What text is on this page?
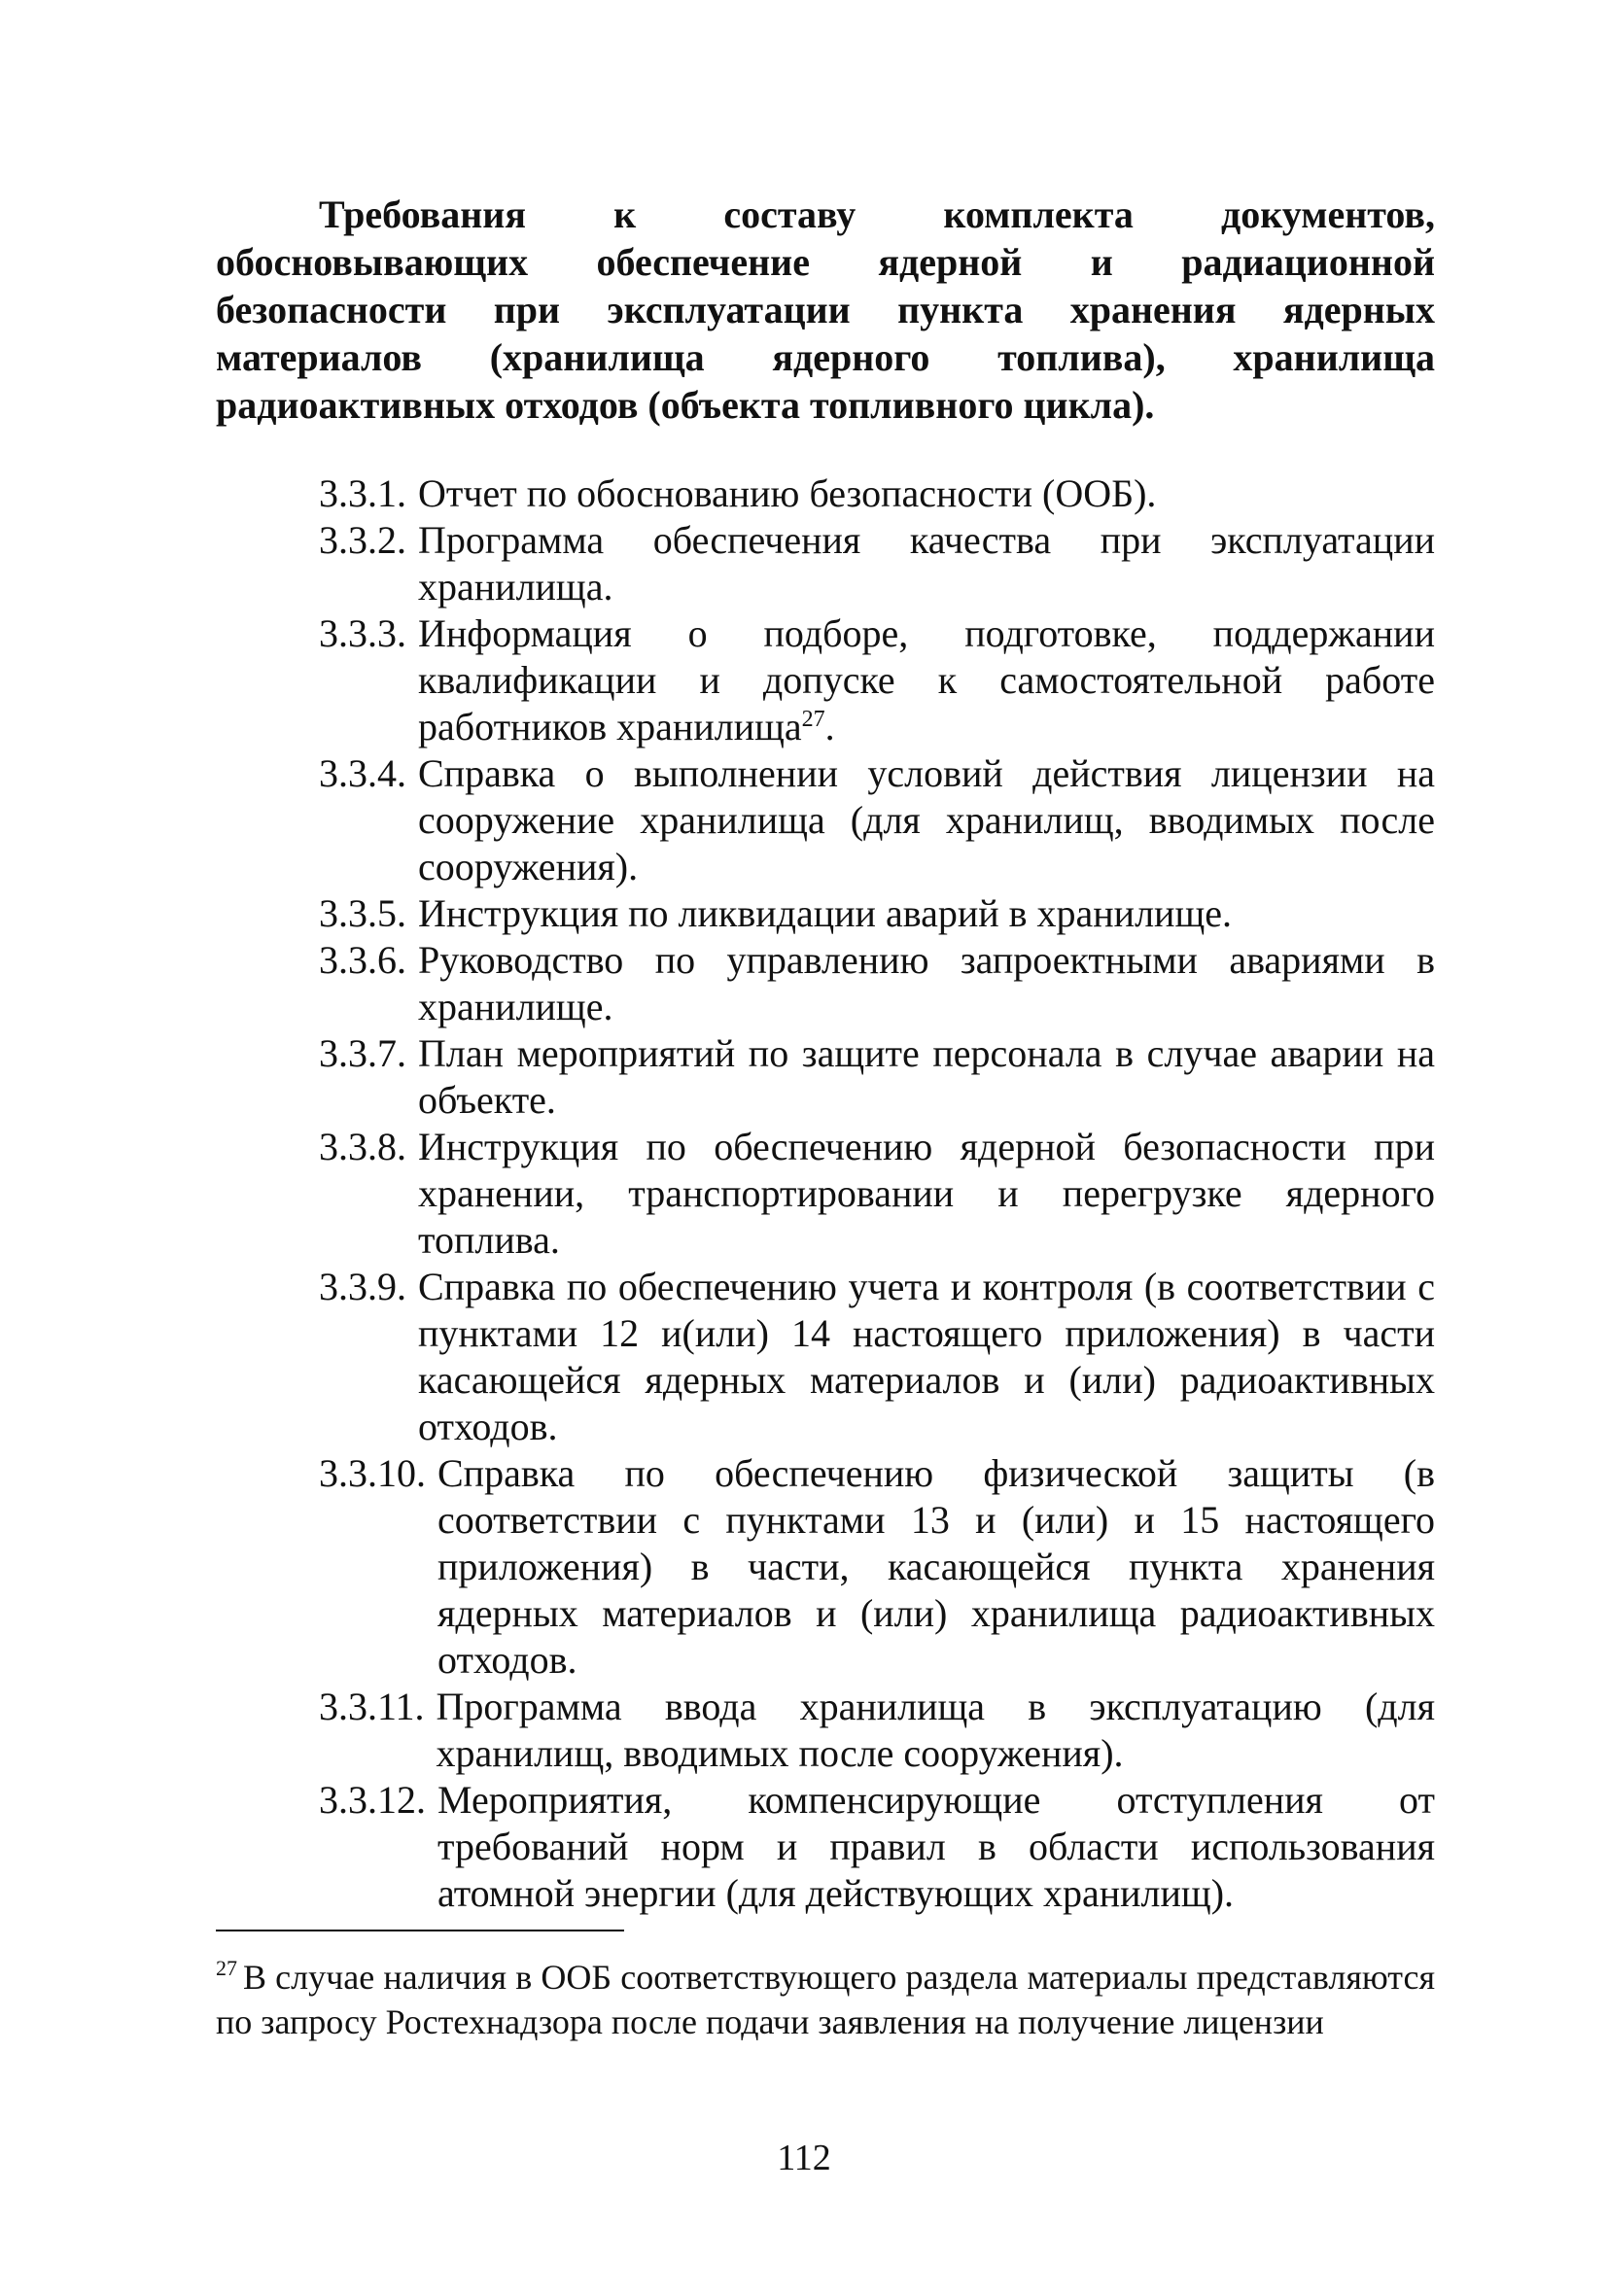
Требования к составу комплекта документов, обосновывающих обеспечение ядерной и радиационной безопасности при эксплуатации пункта хранения ядерных материалов (хранилища ядерного топлива), хранилища радиоактивных отходов (объекта топливного цикла).

3.3.1. Отчет по обоснованию безопасности (ООБ).
3.3.2. Программа обеспечения качества при эксплуатации хранилища.
3.3.3. Информация о подборе, подготовке, поддержании квалификации и допуске к самостоятельной работе работников хранилища$^{27}$.
3.3.4. Справка о выполнении условий действия лицензии на сооружение хранилища (для хранилищ, вводимых после сооружения).
3.3.5. Инструкция по ликвидации аварий в хранилище.
3.3.6. Руководство по управлению запроектными авариями в хранилище.
3.3.7. План мероприятий по защите персонала в случае аварии на объекте.
3.3.8. Инструкция по обеспечению ядерной безопасности при хранении, транспортировании и перегрузке ядерного топлива.
3.3.9. Справка по обеспечению учета и контроля (в соответствии с пунктами 12 и(или) 14 настоящего приложения) в части касающейся ядерных материалов и (или) радиоактивных отходов.
3.3.10. Справка по обеспечению физической защиты (в соответствии с пунктами 13 и (или) и 15 настоящего приложения) в части, касающейся пункта хранения ядерных материалов и (или) хранилища радиоактивных отходов.
3.3.11. Программа ввода хранилища в эксплуатацию (для хранилищ, вводимых после сооружения).
3.3.12. Мероприятия, компенсирующие отступления от требований норм и правил в области использования атомной энергии (для действующих хранилищ).

$^{27}$ В случае наличия в ООБ соответствующего раздела материалы представляются по запросу Ростехнадзора после подачи заявления на получение лицензии

112
